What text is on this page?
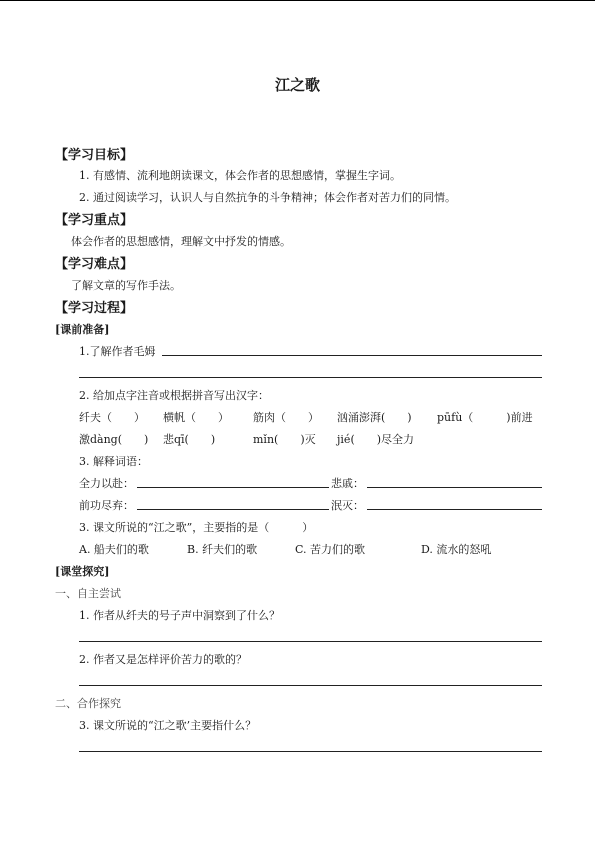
江之歌
【学习目标】
1. 有感情、流利地朗读课文，体会作者的思想感情，掌握生字词。
2. 通过阅读学习，认识人与自然抗争的斗争精神；体会作者对苦力们的同情。
【学习重点】
体会作者的思想感情，理解文中抒发的情感。
【学习难点】
了解文章的写作手法。
【学习过程】
[课前准备]
1.了解作者毛姆
2. 给加点字注音或根据拼音写出汉字：
纤夫（　　） 横帆（　　） 筋肉（　　） 汹涌澎湃(　　) pūfù（　　　)前进
激dàng(　　) 悲qī(　　)	mǐn(　　)灭 jié(　　)尽全力
3. 解释词语：
全力以赴：	悲戚：
前功尽弃：	泯灭：
3. 课文所说的“江之歌”，主要指的是（　　　）
A. 船夫们的歌	B. 纤夫们的歌	C. 苦力们的歌	D. 流水的怒吼
[课堂探究]
一、自主尝试
1. 作者从纤夫的号子声中洞察到了什么？
2. 作者又是怎样评价苦力的歌的？
二、合作探究
3. 课文所说的“江之歌’主要指什么？
